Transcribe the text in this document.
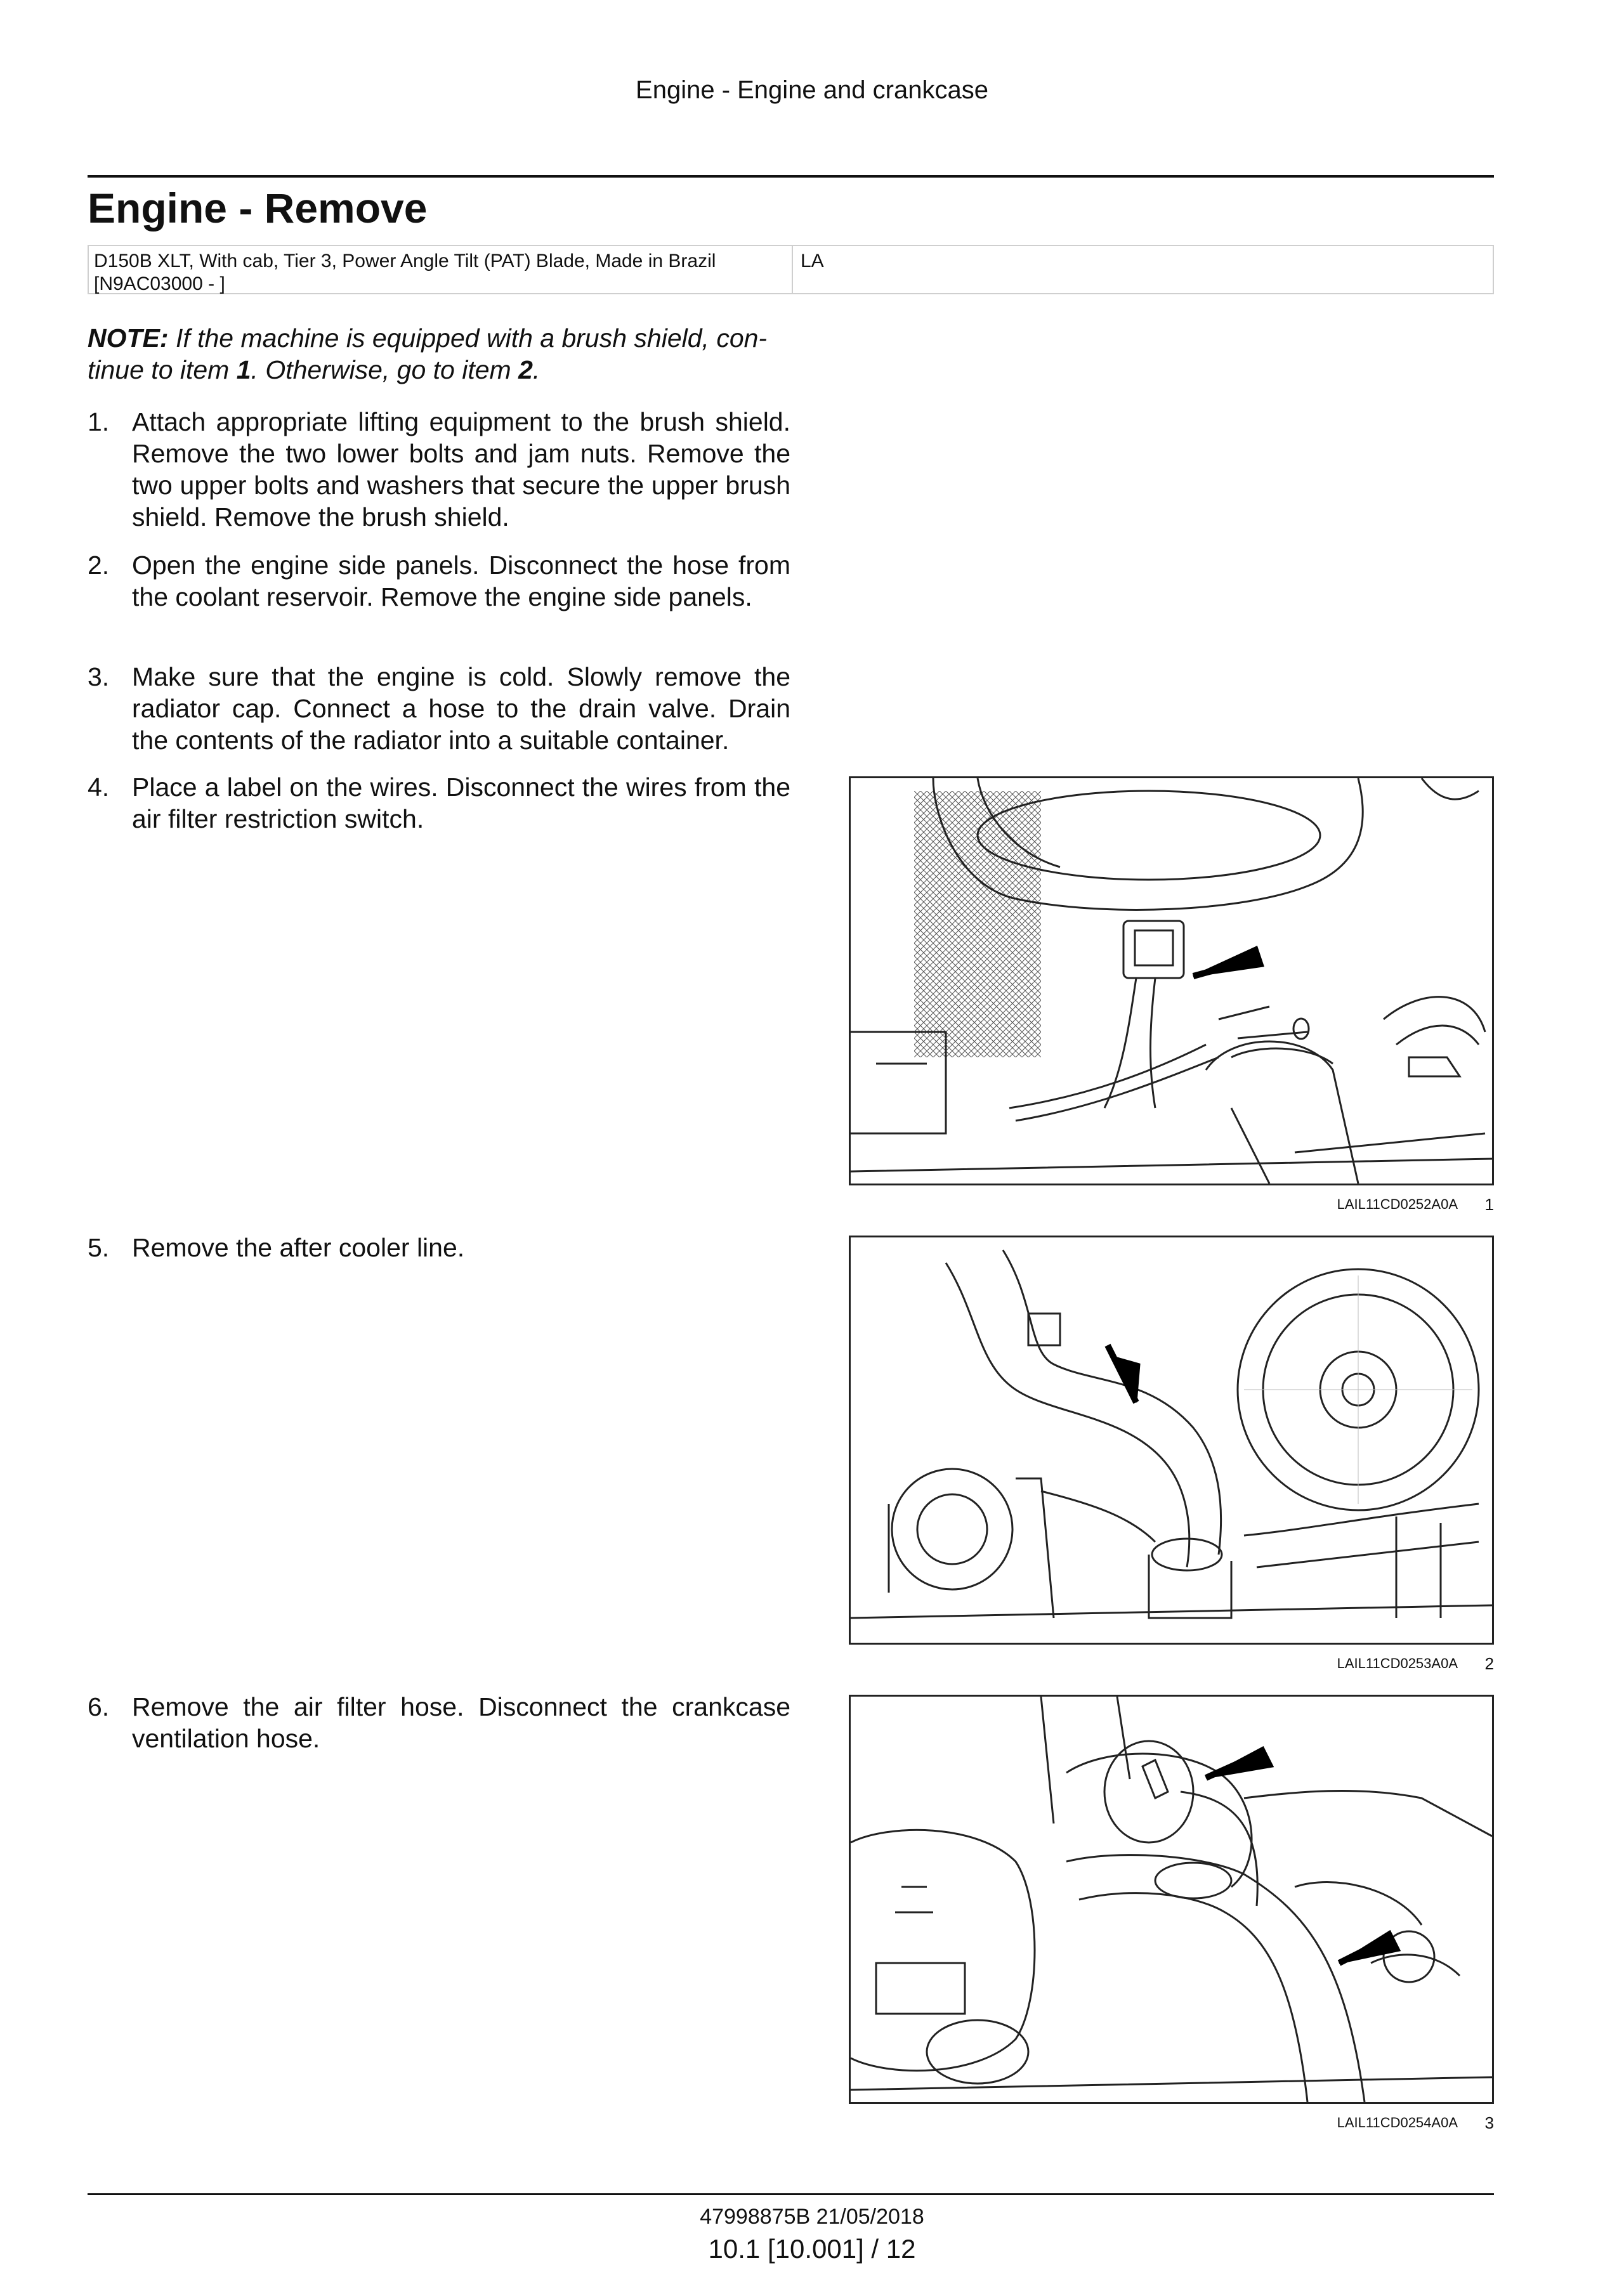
Engine - Engine and crankcase
Engine - Remove
D150B XLT, With cab, Tier 3, Power Angle Tilt (PAT) Blade, Made in Brazil
[N9AC03000 - ]
LA
NOTE: If the machine is equipped with a brush shield, con- tinue to item 1. Otherwise, go to item 2.
1. Attach appropriate lifting equipment to the brush shield. Remove the two lower bolts and jam nuts. Remove the two upper bolts and washers that secure the upper brush shield. Remove the brush shield.
2. Open the engine side panels. Disconnect the hose from the coolant reservoir. Remove the engine side panels.
3. Make sure that the engine is cold. Slowly remove the radiator cap. Connect a hose to the drain valve. Drain the contents of the radiator into a suitable container.
4. Place a label on the wires. Disconnect the wires from the air filter restriction switch.
5. Remove the after cooler line.
6. Remove the air filter hose. Disconnect the crankcase ventilation hose.
LAIL11CD0252A0A 1
LAIL11CD0253A0A 2
LAIL11CD0254A0A 3
47998875B 21/05/2018
10.1 [10.001] / 12
